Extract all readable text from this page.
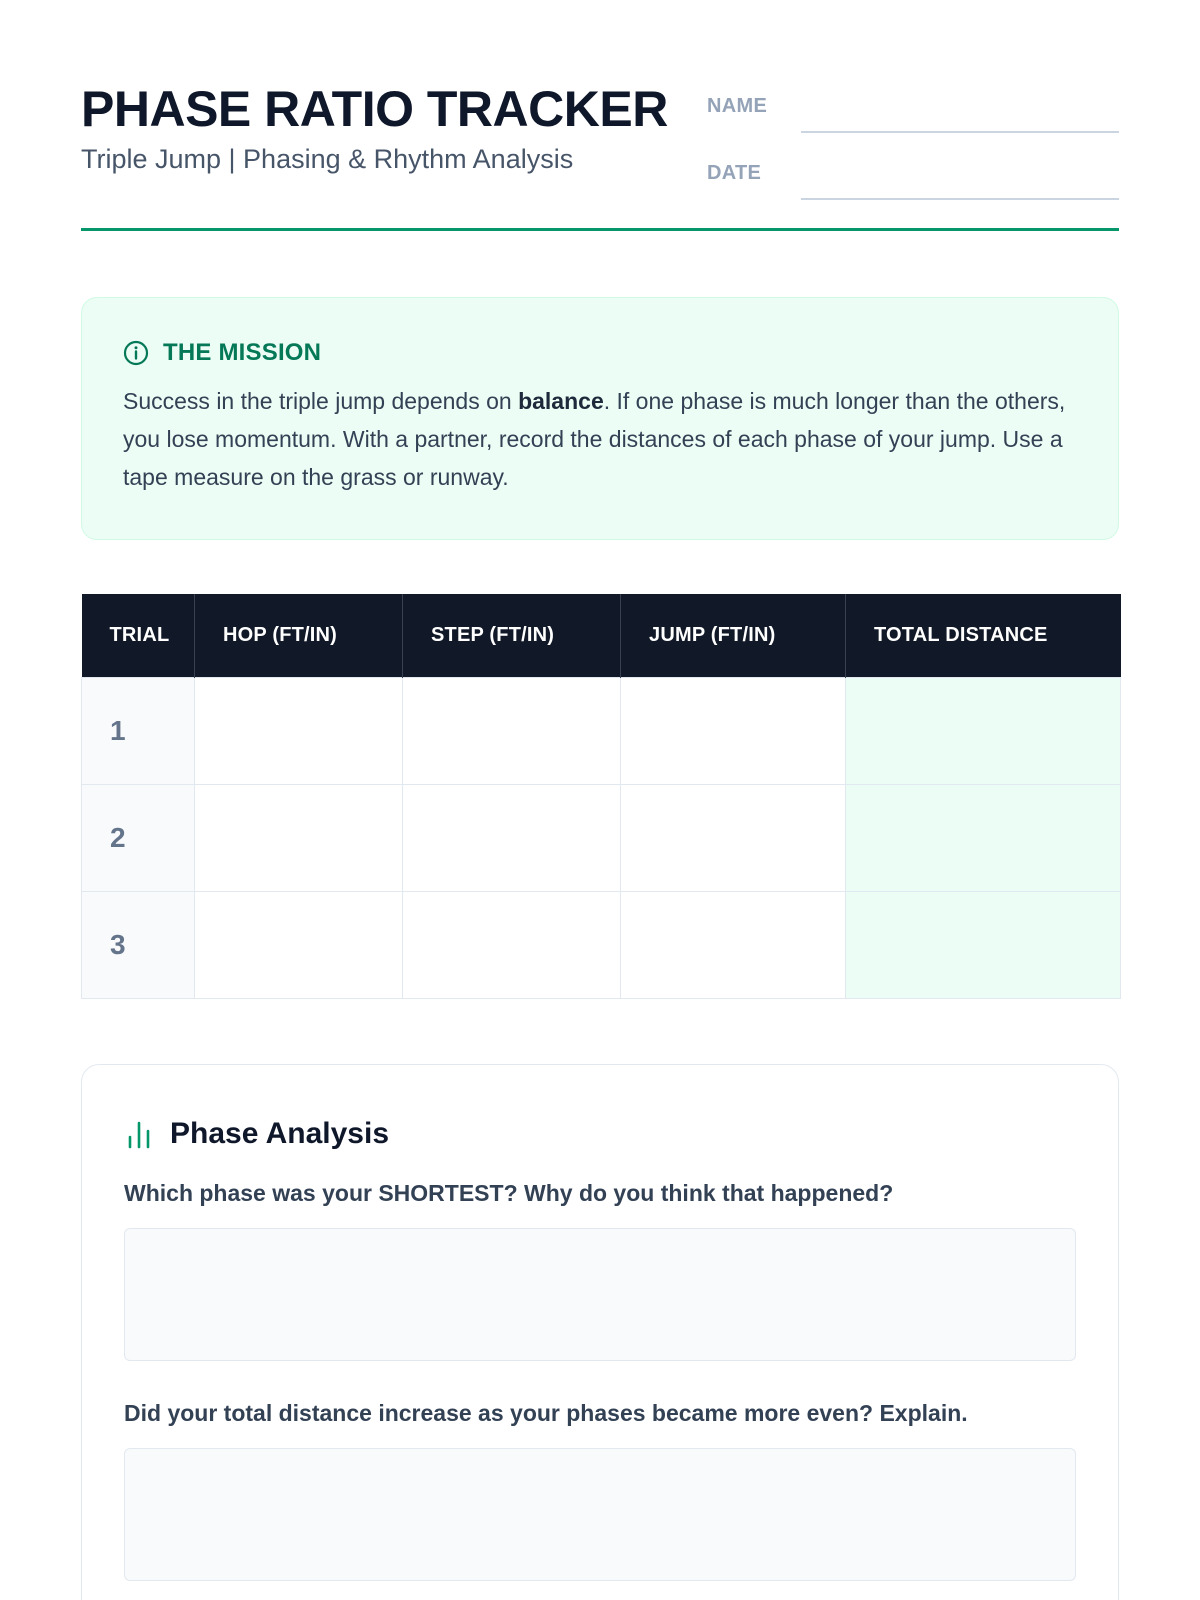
PHASE RATIO TRACKER
Triple Jump | Phasing & Rhythm Analysis
NAME
DATE
THE MISSION

Success in the triple jump depends on balance. If one phase is much longer than the others, you lose momentum. With a partner, record the distances of each phase of your jump. Use a tape measure on the grass or runway.

TRIAL	HOP (FT/IN)	STEP (FT/IN)	JUMP (FT/IN)	TOTAL DISTANCE
1				
2				
3				
Phase Analysis
Which phase was your SHORTEST? Why do you think that happened?
Did your total distance increase as your phases became more even? Explain.
